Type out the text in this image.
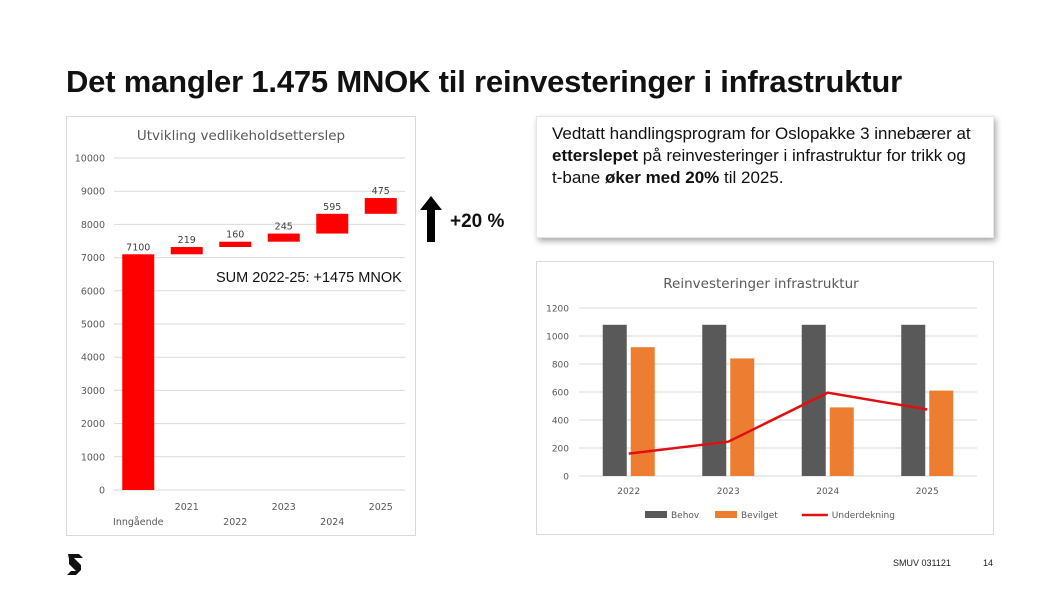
Det mangler 1.475 MNOK til reinvesteringer i infrastruktur
Utvikling vedlikeholdsetterslep
0
1000
2000
3000
4000
5000
6000
7000
8000
9000
10000
7100
219	160
245
595
475
Inngående
2021
2022
2023
2024
2025

Vedtatt handlingsprogram for Oslopakke 3 innebærer at etterslepet på reinvesteringer i infrastruktur for trikk og t-bane øker med 20% til 2025.

+20 %
SUM 2022-25: +1475 MNOK	Reinvesteringer infrastruktur
0
200
400
600
800
1000
1200
2022	2023	2024	2025
Behov	Bevilget	Underdekning
SMUV 031121	14
